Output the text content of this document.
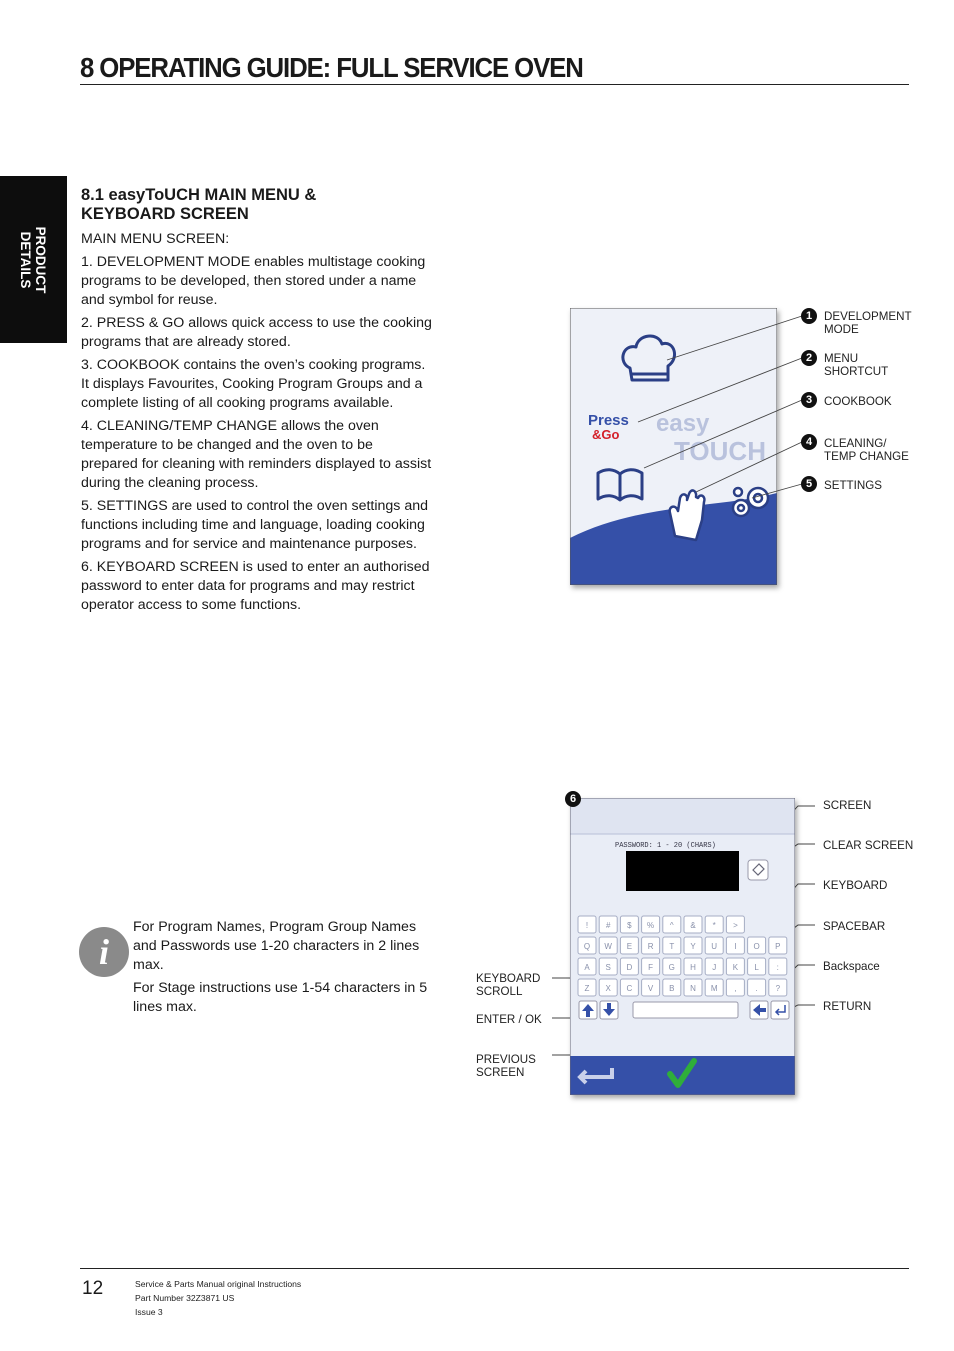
8 OPERATING GUIDE: FULL SERVICE OVEN
PRODUCT
DETAILS
8.1 easyToUCH MAIN MENU &
KEYBOARD SCREEN

MAIN MENU SCREEN:

1. DEVELOPMENT MODE enables multistage cooking programs to be developed, then stored under a name and symbol for reuse.

2. PRESS & GO allows quick access to use the cooking programs that are already stored.

3. COOKBOOK contains the oven’s cooking programs. It displays Favourites, Cooking Program Groups and a complete listing of all cooking programs available.

4. CLEANING/TEMP CHANGE allows the oven temperature to be changed and the oven to be prepared for cleaning with reminders displayed to assist during the cleaning process.

5. SETTINGS are used to control the oven settings and functions including time and language, loading cooking programs and for service and maintenance purposes.

6. KEYBOARD SCREEN is used to enter an authorised password to enter data for programs and may restrict operator access to some functions.

Press
&Go easy
TOUCH
1	DEVELOPMENT
MODE
2	MENU
SHORTCUT
3	COOKBOOK
4	CLEANING/
TEMP CHANGE
5	SETTINGS
PASSWORD: 1 - 20 (CHARS)
! # $ % ^ & * >
Q W E R T Y U I O P
A S D F G H J K L :
Z X C V B N M , . ?
6	SCREEN
CLEAR SCREEN
KEYBOARD
SPACEBAR
Backspace
RETURN
KEYBOARD
SCROLL
ENTER / OK
PREVIOUS
SCREEN
i

For Program Names, Program Group Names and Passwords use 1-20 characters in 2 lines max.

For Stage instructions use 1-54 characters in 5 lines max.

12	Service & Parts Manual original Instructions
Part Number 32Z3871 US
Issue 3
